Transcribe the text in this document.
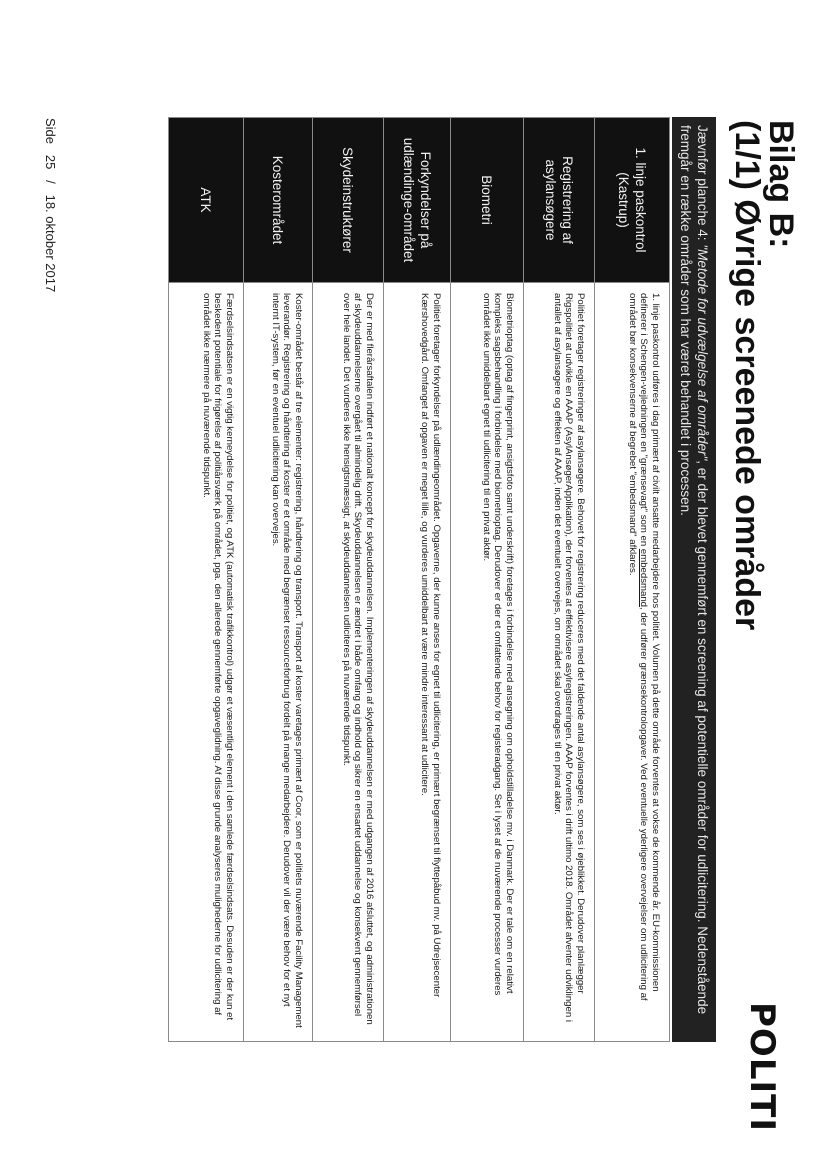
Bilag B:
(1/1) Øvrige screenede områder
POLITI
Jævnfør planche 4: "Metode for udvælgelse af områder", er der blevet gennemført en screening af potentielle områder for udlicitering. Nedenstående fremgår en række områder som har været behandlet i processen.
1. linje paskontrol (Kastrup)	1. linje paskontrol udføres i dag primært af civilt ansatte medarbejdere hos politiet. Volumen på dette område forventes at vokse de kommende år. EU-kommissionen definerer i Schengen-vejledningen en "grænsevagt" som en embedsmand, der udfører grænsekontrolopgaver. Ved eventuelle yderligere overvejelser om udlicitering af området bør konsekvenserne af begrebet "embedsmand" afklares.
Registrering af asylansøgere	Politiet foretager registreringer af asylansøgere. Behovet for registrering reduceres med det faldende antal asylansøgere, som ses i øjeblikket. Derudover planlægger Rigspolitiet at udvikle en AAAP (AsylAnsøgerApplikation), der forventes at effektivisere asylregistreringen. AAAP forventes i drift ultimo 2018. Området afventer udviklingen i antallet af asylansøgere og effekten af AAAP, inden det eventuelt overvejes, om området skal overdrages til en privat aktør.
Biometri	Biometrioptag (optag af fingerprint, ansigtsfoto samt underskrift) foretages i forbindelse med ansøgning om opholdstilladelse mv. i Danmark. Der er tale om en relativt kompleks sagsbehandling i forbindelse med biometrioptag. Derudover er der et omfattende behov for registeradgang. Set i lyset af de nuværende processer vurderes området ikke umiddelbart egnet til udlicitering til en privat aktør.
Forkyndelser på udlændinge-området	Politiet foretager forkyndelser på udlændingeområdet. Opgaverne, der kunne anses for egnet til udlicitering, er primært begrænset til flyttepåbud mv. på Udrejsecenter Kærshovedgård. Omfanget af opgaven er meget lille, og vurderes umiddelbart at være mindre interessant at udlicitere.
Skydeinstruktører	Der er med flerårsaftalen indført et nationalt koncept for skydeuddannelsen. Implementeringen af skydeuddannelsen er med udgangen af 2016 afsluttet, og administrationen af skydeuddannelserne overgået til almindelig drift. Skydeuddannelsen er ændret i både omfang og indhold og sikrer en ensartet uddannelse og konsekvent gennemførsel over hele landet. Det vurderes ikke hensigtsmæssigt, at skydeuddannelsen udliciteres på nuværende tidspunkt.
Kosterområdet	Koster-området består af tre elementer: registrering, håndtering og transport. Transport af koster varetages primært af Coor, som er politiets nuværende Facility Management leverandør. Registrering og håndtering af koster er et område med begrænset ressourceforbrug fordelt på mange medarbejdere. Derudover vil der være behov for et nyt internt IT-system, før en eventuel udlicitering kan overvejes.
ATK	Færdselsindsatsen er en vigtig kerneydelse for politiet, og ATK (automatisk trafikkontrol) udgør et væsentligt element i den samlede færdselsindsats. Desuden er der kun et beskedent potentiale for frigørelse af politiårsværk på området, pga. den allerede gennemførte opgaveglidning. Af disse grunde analyseres mulighederne for udlicitering af området ikke nærmere på nuværende tidspunkt.
Side   25   /   18. oktober 2017
